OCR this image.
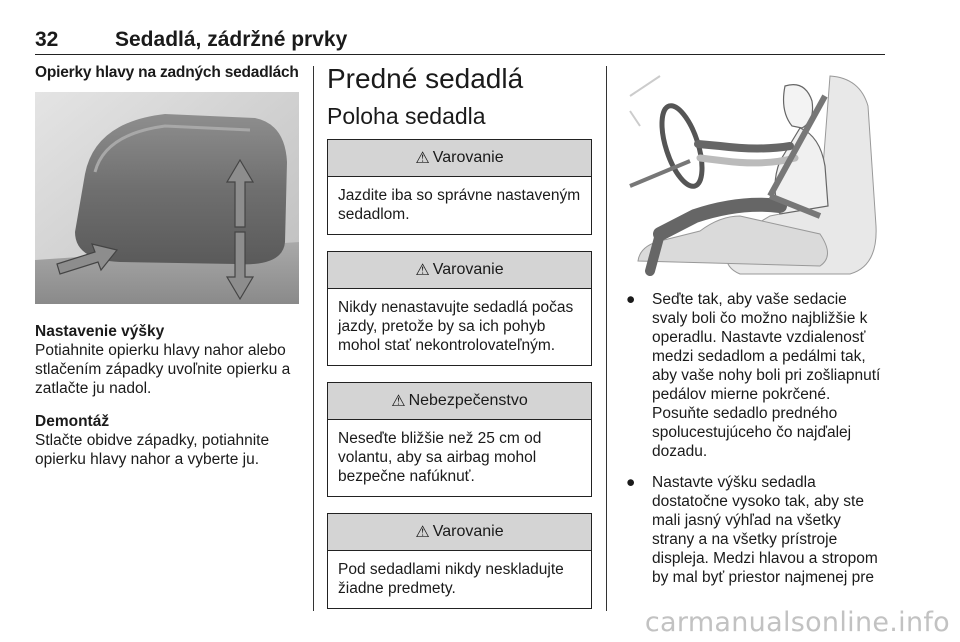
32	Sedadlá, zádržné prvky
Opierky hlavy na zadných sedadlách
Nastavenie výšky

Potiahnite opierku hlavy nahor alebo stlačením západky uvoľnite opierku a zatlačte ju nadol.

Demontáž

Stlačte obidve západky, potiahnite opierku hlavy nahor a vyberte ju.

Predné sedadlá
Poloha sedadla
⚠ Varovanie
Jazdite iba so správne nastaveným sedadlom.
⚠ Varovanie
Nikdy nenastavujte sedadlá počas jazdy, pretože by sa ich pohyb mohol stať nekontrolovateľným.
⚠ Nebezpečenstvo
Neseďte bližšie než 25 cm od volantu, aby sa airbag mohol bezpečne nafúknuť.
⚠ Varovanie
Pod sedadlami nikdy neskladujte žiadne predmety.
● Seďte tak, aby vaše sedacie svaly boli čo možno najbližšie k operadlu. Nastavte vzdialenosť medzi sedadlom a pedálmi tak, aby vaše nohy boli pri zošliapnutí pedálov mierne pokrčené. Posuňte sedadlo predného spolucestujúceho čo najďalej dozadu.
● Nastavte výšku sedadla dostatočne vysoko tak, aby ste mali jasný výhľad na všetky strany a na všetky prístroje displeja. Medzi hlavou a stropom by mal byť priestor najmenej pre
carmanualsonline.info
